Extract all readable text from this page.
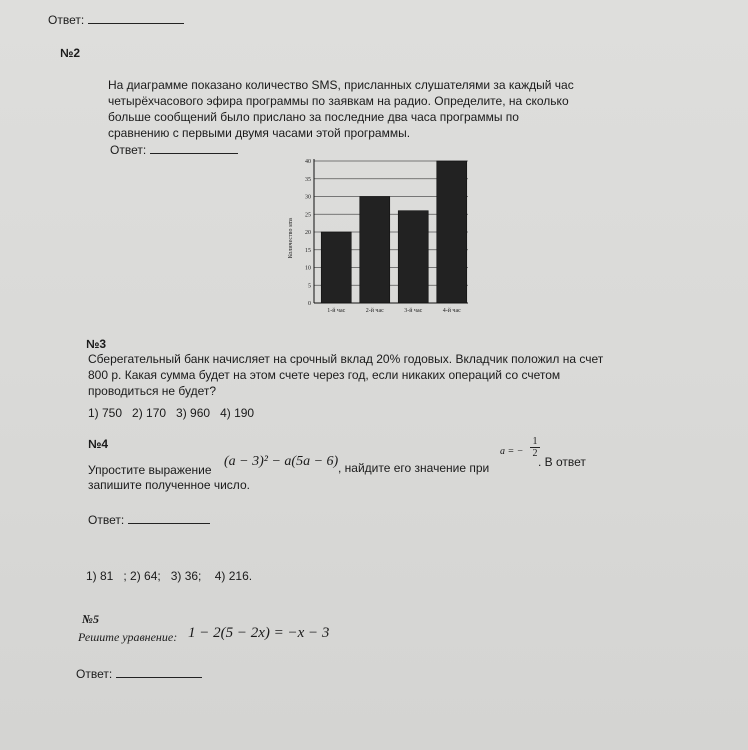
Ответ:
№2
На диаграмме показано количество SMS, присланных слушателями за каждый час
четырёхчасового эфира программы по заявкам на радио. Определите, на сколько
больше сообщений было прислано за последние два часа программы по
сравнению с первыми двумя часами этой программы.
Ответ:
0
5
10
15
20
25
30
35
40
1-й час	2-й час	3-й час	4-й час
Количество sms
№3
Сберегательный банк начисляет на срочный вклад 20% годовых. Вкладчик положил на счет
800 р. Какая сумма будет на этом счете через год, если никаких операций со счетом
проводиться не будет?
1) 750   2) 170   3) 960   4) 190
№4
Упростите выражение
(a − 3)² − a(5a − 6) , найдите его значение при
a = − $\frac{1}{2}$
. В ответ
запишите полученное число.
Ответ:
1) 81   ; 2) 64;   3) 36;    4) 216.
№5
Решите уравнение: 1 − 2(5 − 2x) = −x − 3
Ответ:
